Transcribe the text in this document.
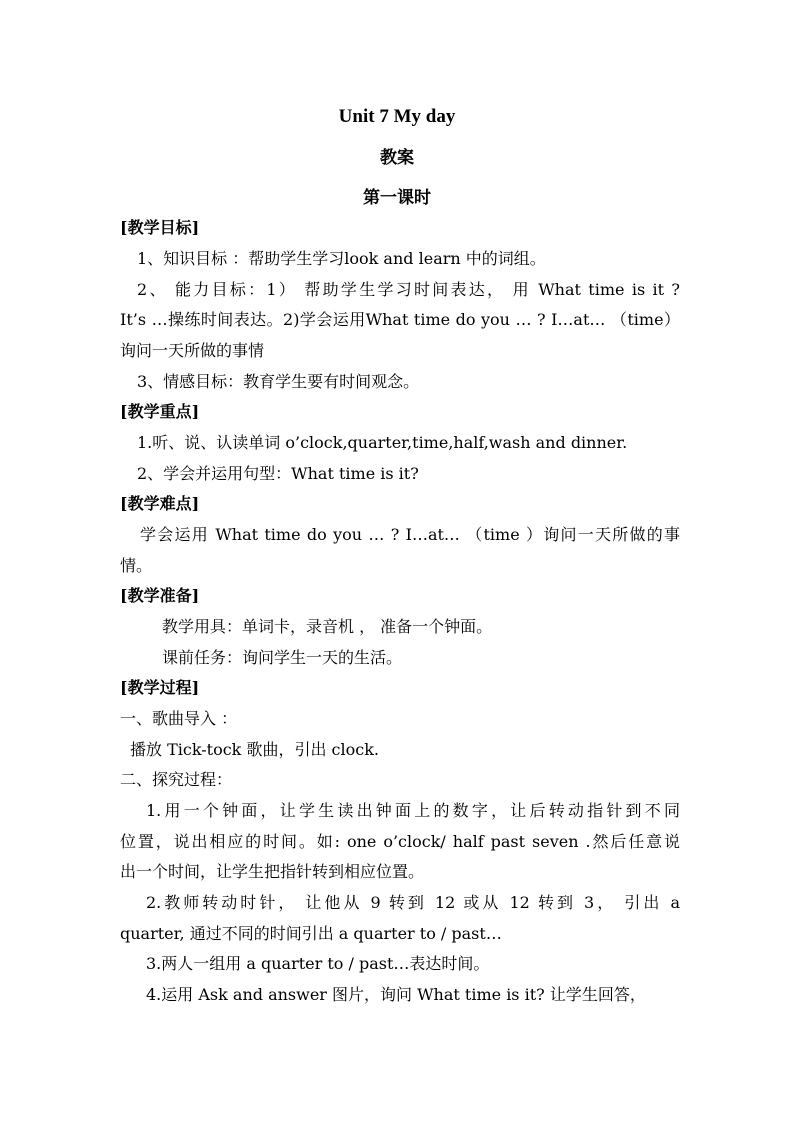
Unit 7 My day
教案
第一课时
[教学目标]
1、知识目标 ：帮助学生学习look and learn 中的词组。
2、 能力目标：1） 帮助学生学习时间表达， 用 What time is it ?
It’s …操练时间表达。2)学会运用What time do you … ? I…at… （time）
询问一天所做的事情
3、情感目标：教育学生要有时间观念。
[教学重点]
1.听、说、认读单词 o’clock,quarter,time,half,wash and dinner.
2、学会并运用句型：What time is it?
[教学难点]
学会运用 What time do you … ? I…at… （time ）询问一天所做的事
情。
[教学准备]
教学用具：单词卡，录音机 ， 准备一个钟面。
课前任务：询问学生一天的生活。
[教学过程]
一、歌曲导入 ：
播放 Tick-tock 歌曲，引出 clock.
二、探究过程：
1.用一个钟面，让学生读出钟面上的数字，让后转动指针到不同
位置，说出相应的时间。如: one o’clock/ half past seven .然后任意说
出一个时间，让学生把指针转到相应位置。
2.教师转动时针， 让他从 9 转到 12 或从 12 转到 3， 引出 a
quarter, 通过不同的时间引出 a quarter to / past…
3.两人一组用 a quarter to / past…表达时间。
4.运用 Ask and answer 图片，询问 What time is it? 让学生回答，
